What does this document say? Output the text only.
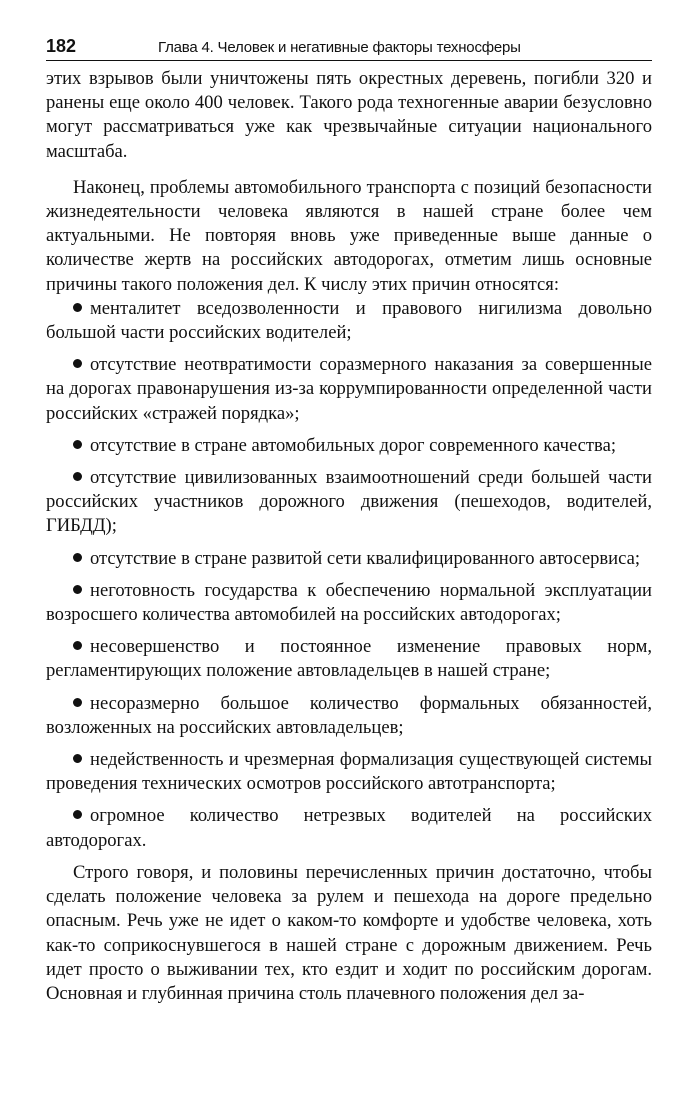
182	Глава 4. Человек и негативные факторы техносферы

этих взрывов были уничтожены пять окрестных деревень, погибли 320 и ранены еще около 400 человек. Такого рода техногенные аварии безусловно могут рассматриваться уже как чрезвычайные ситуации национального масштаба.

Наконец, проблемы автомобильного транспорта с позиций безопасности жизнедеятельности человека являются в нашей стране более чем актуальными. Не повторяя вновь уже приведенные выше данные о количестве жертв на российских автодорогах, отметим лишь основные причины такого положения дел. К числу этих причин относятся:

менталитет вседозволенности и правового нигилизма довольно большой части российских водителей;
отсутствие неотвратимости соразмерного наказания за совершенные на дорогах правонарушения из-за коррумпированности определенной части российских «стражей порядка»;
отсутствие в стране автомобильных дорог современного качества;
отсутствие цивилизованных взаимоотношений среди большей части российских участников дорожного движения (пешеходов, водителей, ГИБДД);
отсутствие в стране развитой сети квалифицированного автосервиса;
неготовность государства к обеспечению нормальной эксплуатации возросшего количества автомобилей на российских автодорогах;
несовершенство и постоянное изменение правовых норм, регламентирующих положение автовладельцев в нашей стране;
несоразмерно большое количество формальных обязанностей, возложенных на российских автовладельцев;
недейственность и чрезмерная формализация существующей системы проведения технических осмотров российского автотранспорта;
огромное количество нетрезвых водителей на российских автодорогах.

Строго говоря, и половины перечисленных причин достаточно, чтобы сделать положение человека за рулем и пешехода на дороге предельно опасным. Речь уже не идет о каком-то комфорте и удобстве человека, хоть как-то соприкоснувшегося в нашей стране с дорожным движением. Речь идет просто о выживании тех, кто ездит и ходит по российским дорогам. Основная и глубинная причина столь плачевного положения дел за-
